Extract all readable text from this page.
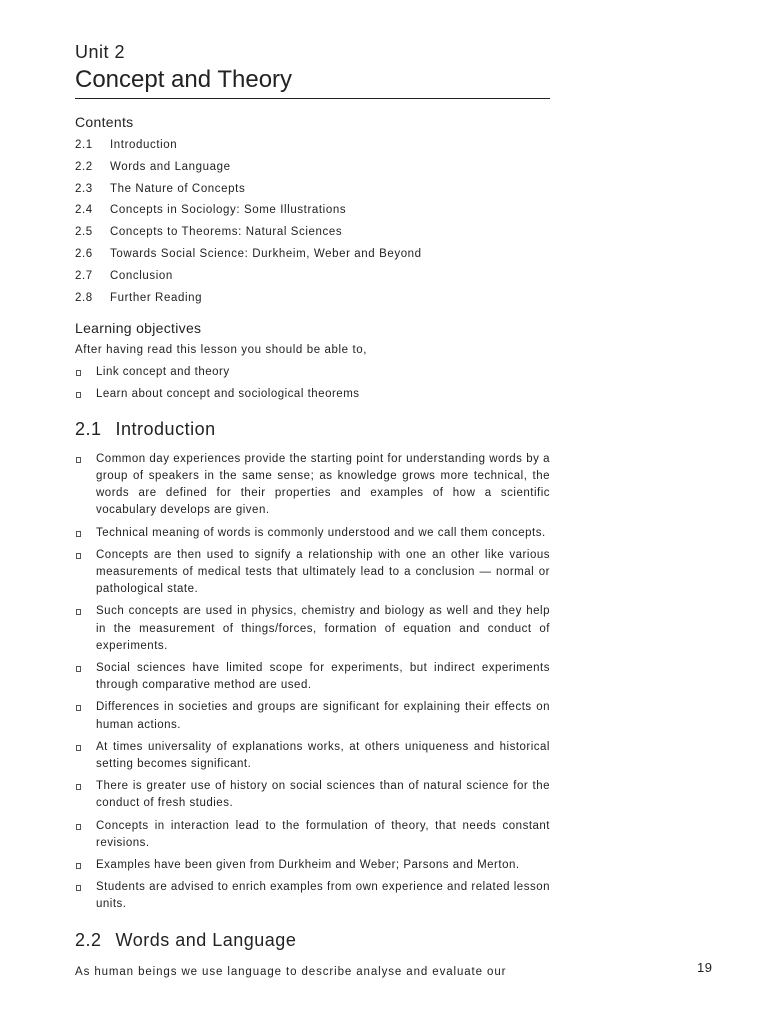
Unit 2
Concept and Theory
Contents
2.1	Introduction
2.2	Words and Language
2.3	The Nature of Concepts
2.4	Concepts in Sociology: Some Illustrations
2.5	Concepts to Theorems: Natural Sciences
2.6	Towards Social Science: Durkheim, Weber and Beyond
2.7	Conclusion
2.8	Further Reading
Learning objectives
After having read this lesson you should be able to,
Link concept and theory
Learn about concept and sociological theorems
2.1 Introduction
Common day experiences provide the starting point for understanding words by a group of speakers in the same sense; as knowledge grows more technical, the words are defined for their properties and examples of how a scientific vocabulary develops are given.
Technical meaning of words is commonly understood and we call them concepts.
Concepts are then used to signify a relationship with one an other like various measurements of medical tests that ultimately lead to a conclusion — normal or pathological state.
Such concepts are used in physics, chemistry and biology as well and they help in the measurement of things/forces, formation of equation and conduct of experiments.
Social sciences have limited scope for experiments, but indirect experiments through comparative method are used.
Differences in societies and groups are significant for explaining their effects on human actions.
At times universality of explanations works, at others uniqueness and historical setting becomes significant.
There is greater use of history on social sciences than of natural science for the conduct of fresh studies.
Concepts in interaction lead to the formulation of theory, that needs constant revisions.
Examples have been given from Durkheim and Weber; Parsons and Merton.
Students are advised to enrich examples from own experience and related lesson units.
2.2 Words and Language
As human beings we use language to describe analyse and evaluate our	19
